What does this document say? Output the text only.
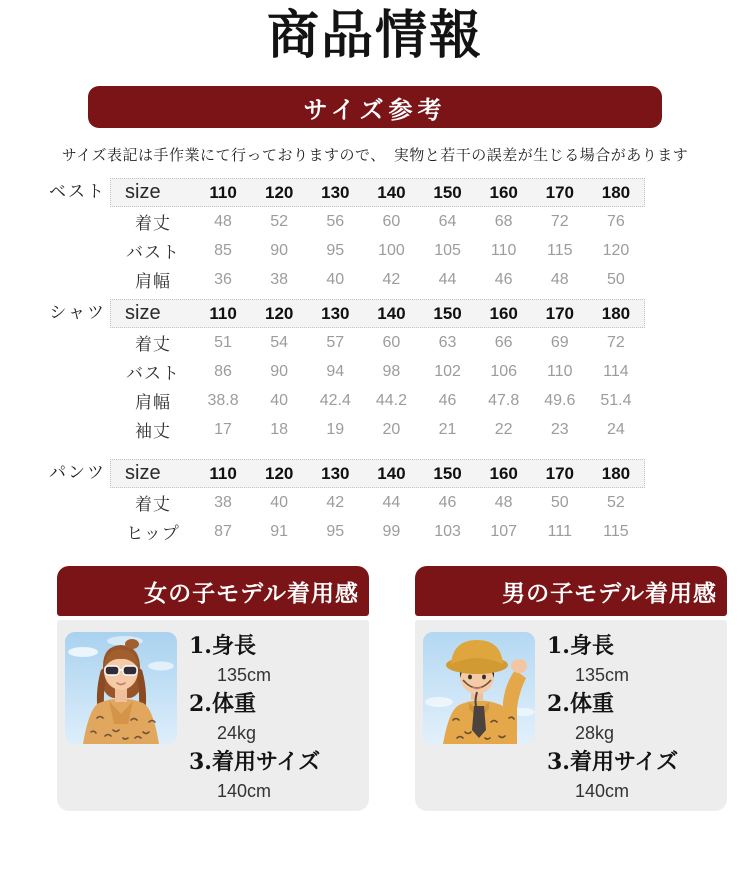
商品情報
サイズ参考

サイズ表記は手作業にて行っておりますので、　実物と若干の誤差が生じる場合があります

ベスト size	110	120	130	140	150	160	170	180
着丈	48	52	56	60	64	68	72	76
バスト	85	90	95	100	105	110	115	120
肩幅	36	38	40	42	44	46	48	50
シャツ size	110	120	130	140	150	160	170	180
着丈	51	54	57	60	63	66	69	72
バスト	86	90	94	98	102	106	110	114
肩幅	38.8	40	42.4	44.2	46	47.8	49.6	51.4
袖丈	17	18	19	20	21	22	23	24
パンツ size	110	120	130	140	150	160	170	180
着丈	38	40	42	44	46	48	50	52
ヒップ	87	91	95	99	103	107	111	115
女の子モデル着用感
1.身長
135cm
2.体重
24kg
3.着用サイズ
140cm
男の子モデル着用感
1.身長
135cm
2.体重
28kg
3.着用サイズ
140cm
